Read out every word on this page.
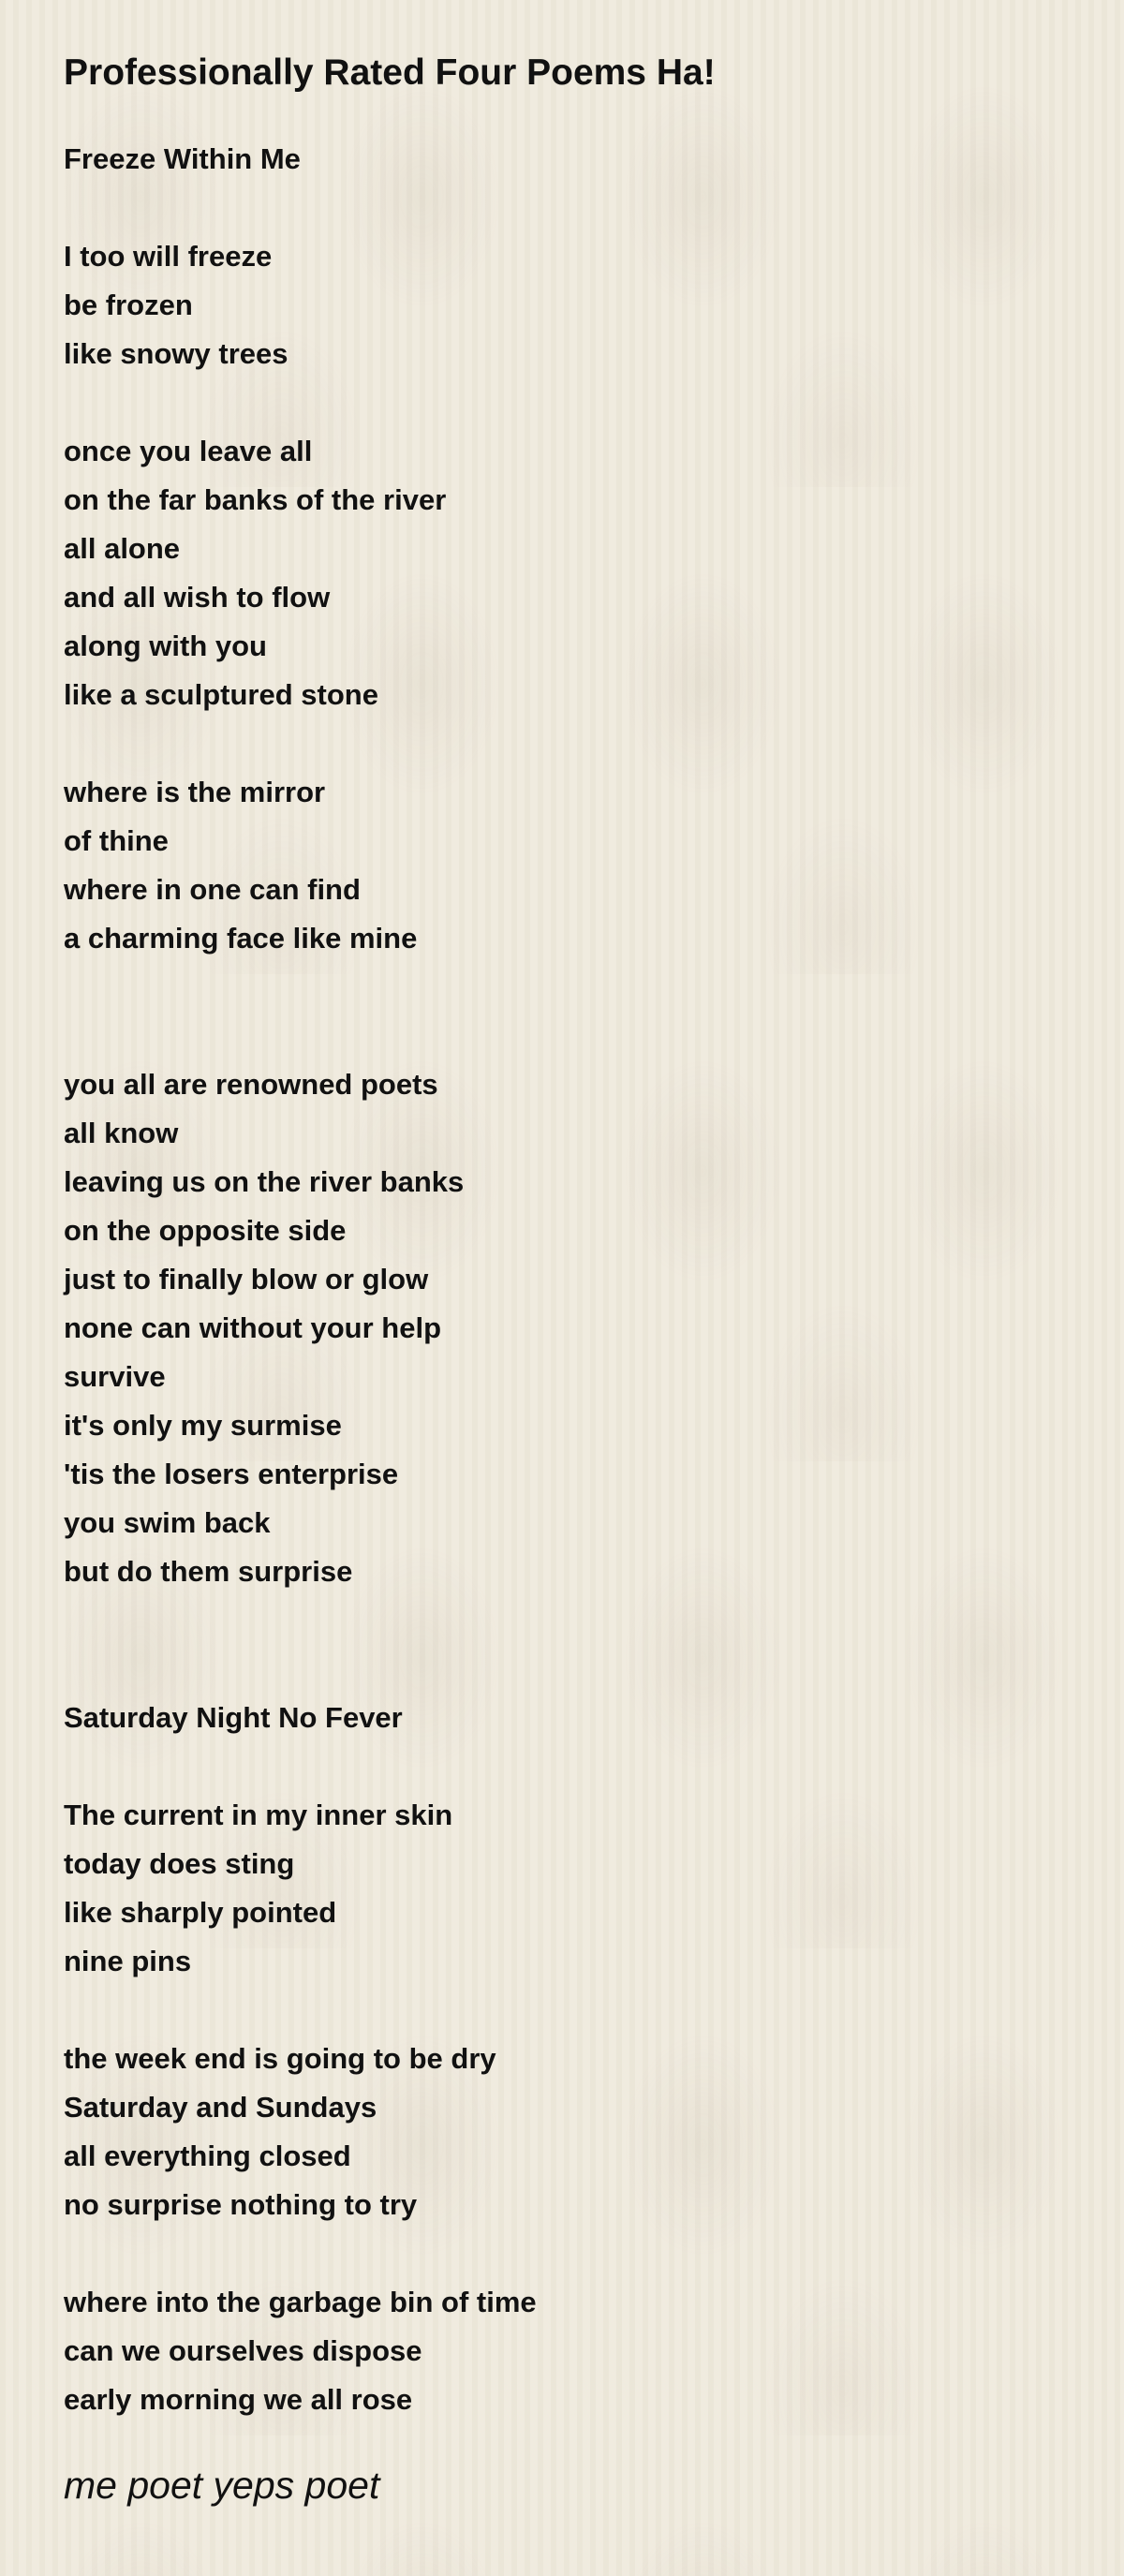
Professionally Rated Four Poems Ha!
Freeze Within Me
I too will freeze
be frozen
like snowy trees
once you leave all
on the far banks of the river
all alone
and all wish to flow
along with you
like a sculptured stone
where is the mirror
of thine
where in one can find
a charming face like mine
you all are renowned poets
all know
leaving us on the river banks
on the opposite side
just to finally blow or glow
none can without your help
survive
it's only my surmise
'tis the losers enterprise
you swim back
but do them surprise
Saturday Night No Fever
The current in my inner skin
today does sting
like sharply pointed
nine pins
the week end is going to be dry
Saturday and Sundays
all everything closed
no surprise nothing to try
where into the garbage bin of time
can we ourselves dispose
early morning we all rose
me poet yeps poet
